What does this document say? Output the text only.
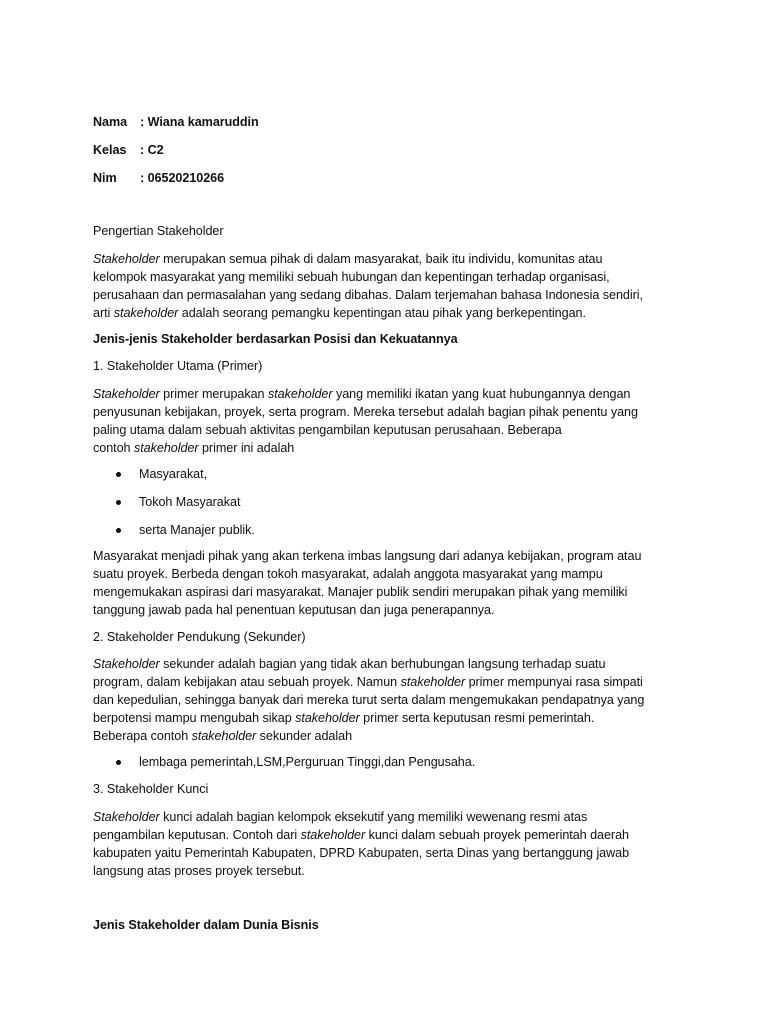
Nama : Wiana kamaruddin
Kelas : C2
Nim : 06520210266
Pengertian Stakeholder
Stakeholder merupakan semua pihak di dalam masyarakat, baik itu individu, komunitas atau
kelompok masyarakat yang memiliki sebuah hubungan dan kepentingan terhadap organisasi,
perusahaan dan permasalahan yang sedang dibahas. Dalam terjemahan bahasa Indonesia sendiri,
arti stakeholder adalah seorang pemangku kepentingan atau pihak yang berkepentingan.
Jenis-jenis Stakeholder berdasarkan Posisi dan Kekuatannya
1. Stakeholder Utama (Primer)
Stakeholder primer merupakan stakeholder yang memiliki ikatan yang kuat hubungannya dengan
penyusunan kebijakan, proyek, serta program. Mereka tersebut adalah bagian pihak penentu yang
paling utama dalam sebuah aktivitas pengambilan keputusan perusahaan. Beberapa
contoh stakeholder primer ini adalah
Masyarakat,
Tokoh Masyarakat
serta Manajer publik.
Masyarakat menjadi pihak yang akan terkena imbas langsung dari adanya kebijakan, program atau
suatu proyek. Berbeda dengan tokoh masyarakat, adalah anggota masyarakat yang mampu
mengemukakan aspirasi dari masyarakat. Manajer publik sendiri merupakan pihak yang memiliki
tanggung jawab pada hal penentuan keputusan dan juga penerapannya.
2. Stakeholder Pendukung (Sekunder)
Stakeholder sekunder adalah bagian yang tidak akan berhubungan langsung terhadap suatu
program, dalam kebijakan atau sebuah proyek. Namun stakeholder primer mempunyai rasa simpati
dan kepedulian, sehingga banyak dari mereka turut serta dalam mengemukakan pendapatnya yang
berpotensi mampu mengubah sikap stakeholder primer serta keputusan resmi pemerintah.
Beberapa contoh stakeholder sekunder adalah
lembaga pemerintah,LSM,Perguruan Tinggi,dan Pengusaha.
3. Stakeholder Kunci
Stakeholder kunci adalah bagian kelompok eksekutif yang memiliki wewenang resmi atas
pengambilan keputusan. Contoh dari stakeholder kunci dalam sebuah proyek pemerintah daerah
kabupaten yaitu Pemerintah Kabupaten, DPRD Kabupaten, serta Dinas yang bertanggung jawab
langsung atas proses proyek tersebut.
Jenis Stakeholder dalam Dunia Bisnis
